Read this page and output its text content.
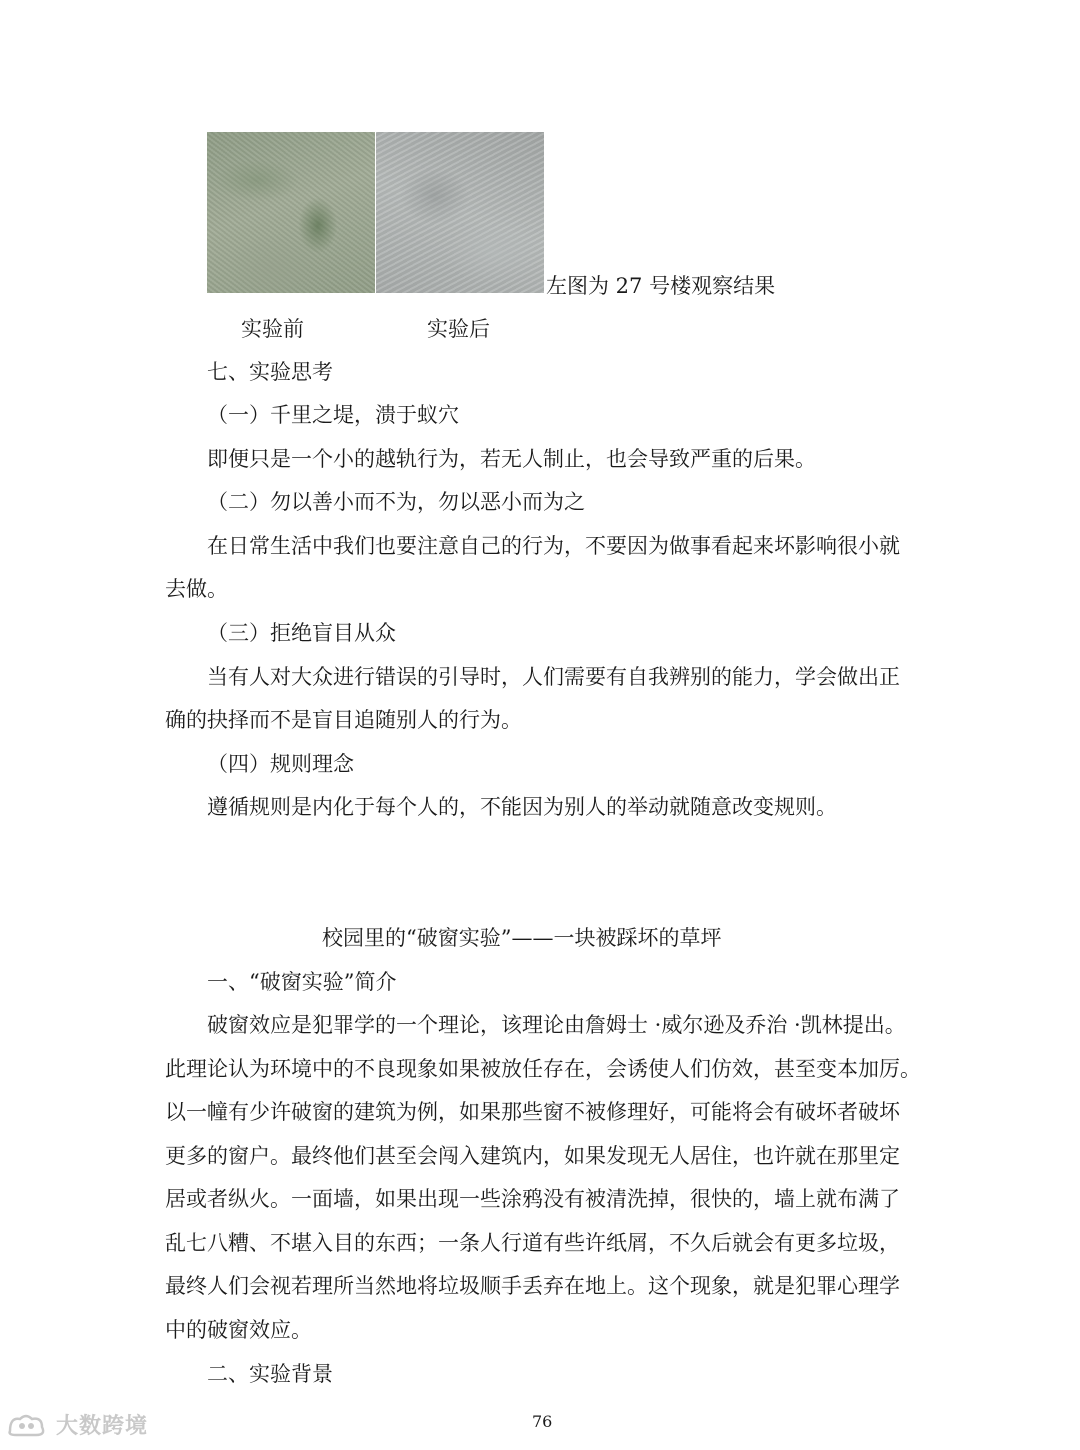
左图为 27 号楼观察结果
实验前	实验后
七、实验思考
（一）千里之堤，溃于蚁穴
即便只是一个小的越轨行为，若无人制止，也会导致严重的后果。
（二）勿以善小而不为，勿以恶小而为之
在日常生活中我们也要注意自己的行为，不要因为做事看起来坏影响很小就
去做。
（三）拒绝盲目从众
当有人对大众进行错误的引导时，人们需要有自我辨别的能力，学会做出正
确的抉择而不是盲目追随别人的行为。
（四）规则理念
遵循规则是内化于每个人的，不能因为别人的举动就随意改变规则。
校园里的“破窗实验”——一块被踩坏的草坪
一、“破窗实验”简介
破窗效应是犯罪学的一个理论，该理论由詹姆士 ·威尔逊及乔治 ·凯林提出。
此理论认为环境中的不良现象如果被放任存在，会诱使人们仿效，甚至变本加厉。
以一幢有少许破窗的建筑为例，如果那些窗不被修理好，可能将会有破坏者破坏
更多的窗户。最终他们甚至会闯入建筑内，如果发现无人居住，也许就在那里定
居或者纵火。一面墙，如果出现一些涂鸦没有被清洗掉，很快的，墙上就布满了
乱七八糟、不堪入目的东西；一条人行道有些许纸屑，不久后就会有更多垃圾，
最终人们会视若理所当然地将垃圾顺手丢弃在地上。这个现象，就是犯罪心理学
中的破窗效应。
二、实验背景
76
大数跨境
